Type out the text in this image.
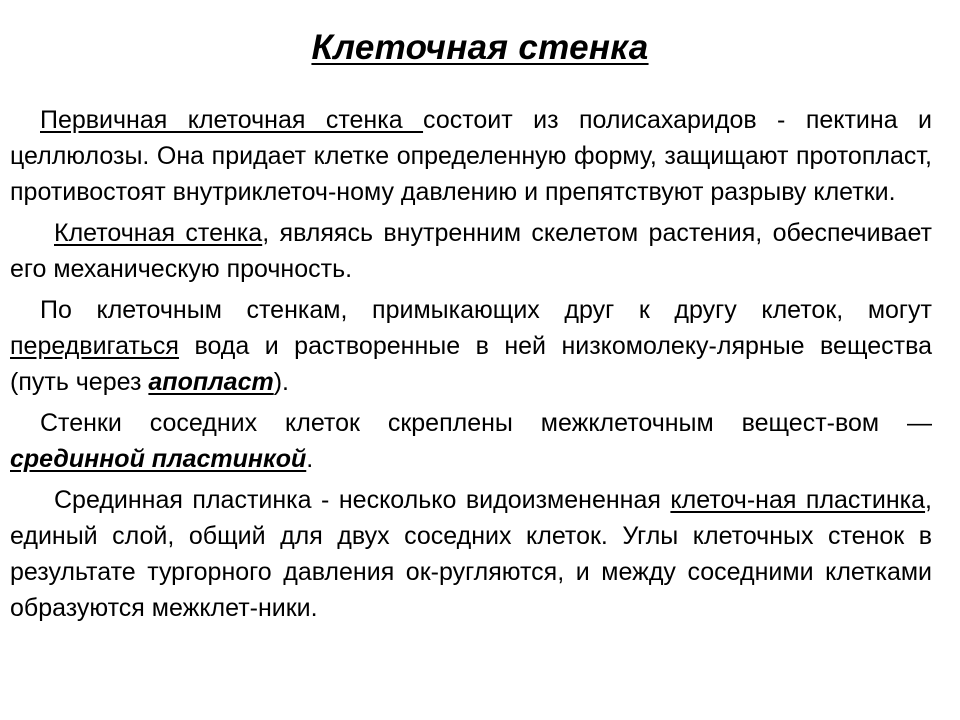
Клеточная стенка

Первичная клеточная стенка состоит из полисахаридов - пектина и целлюлозы. Она придает клетке определенную форму, защищают протопласт, противостоят внутриклеточ-ному давлению и препятствуют разрыву клетки.

Клеточная стенка, являясь внутренним скелетом растения, обеспечивает его механическую прочность.

По клеточным стенкам, примыкающих друг к другу клеток, могут передвигаться вода и растворенные в ней низкомолеку-лярные вещества (путь через апопласт).

Стенки соседних клеток скреплены межклеточным вещест-вом — срединной пластинкой.

Срединная пластинка - несколько видоизмененная клеточ-ная пластинка, единый слой, общий для двух соседних клеток. Углы клеточных стенок в результате тургорного давления ок-ругляются, и между соседними клетками образуются межклет-ники.
